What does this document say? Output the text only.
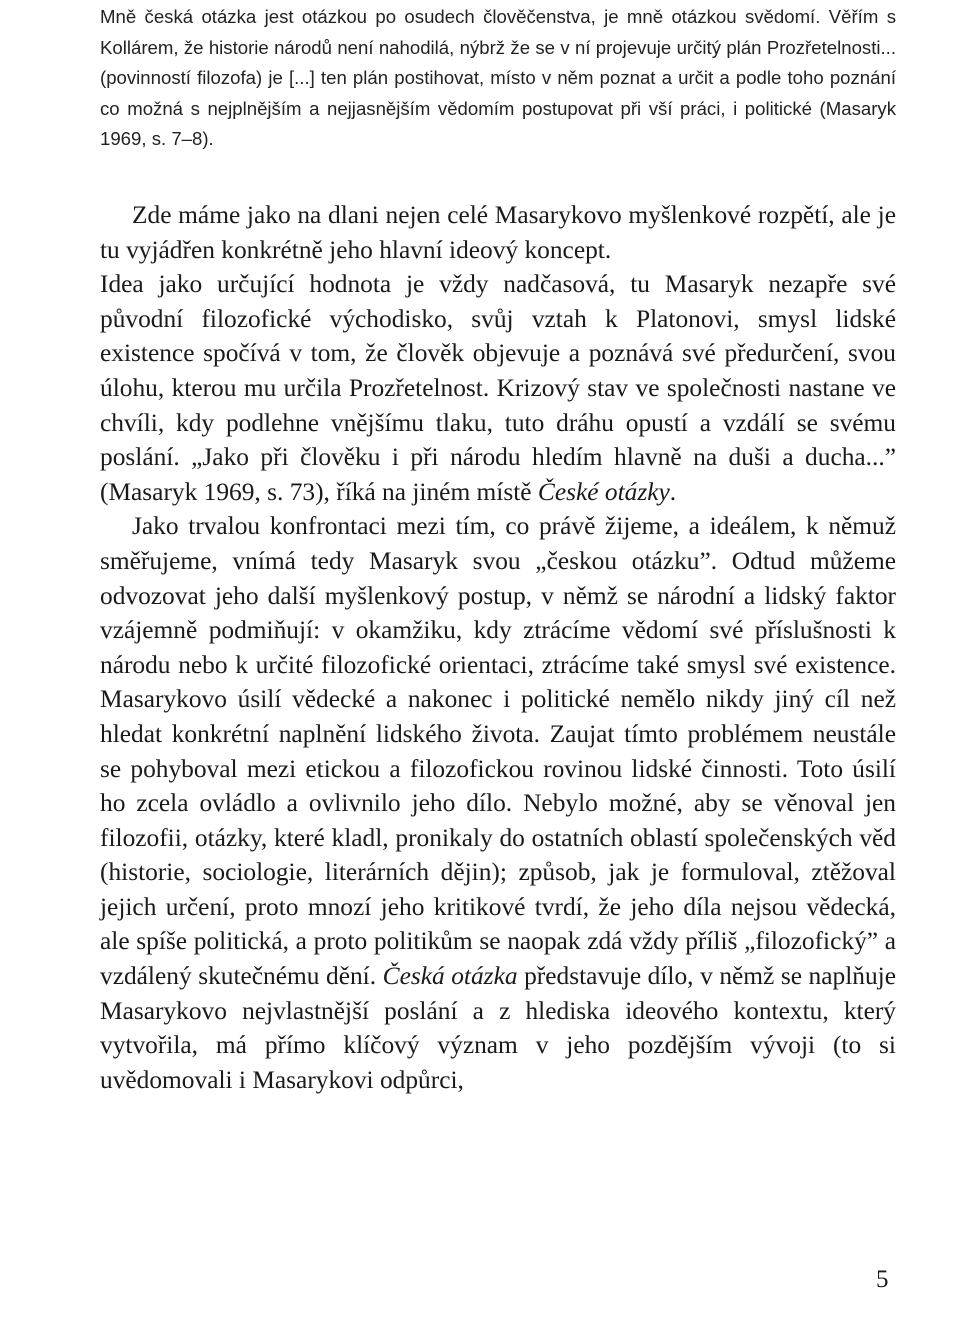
Mně česká otázka jest otázkou po osudech člověčenstva, je mně otázkou svědomí. Věřím s Kollárem, že historie národů není nahodilá, nýbrž že se v ní projevuje určitý plán Prozřetelnosti... (povinností filozofa) je [...] ten plán postihovat, místo v něm poznat a určit a podle toho poznání co možná s nejplnějším a nejjasnějším vědomím postupovat při vší práci, i politické (Masaryk 1969, s. 7–8).

Zde máme jako na dlani nejen celé Masarykovo myšlenkové rozpětí, ale je tu vyjádřen konkrétně jeho hlavní ideový koncept.

Idea jako určující hodnota je vždy nadčasová, tu Masaryk nezapře své původní filozofické východisko, svůj vztah k Platonovi, smysl lidské existence spočívá v tom, že člověk objevuje a poznává své předurčení, svou úlohu, kterou mu určila Prozřetelnost. Krizový stav ve společnosti nastane ve chvíli, kdy podlehne vnějšímu tlaku, tuto dráhu opustí a vzdálí se svému poslání. „Jako při člověku i při národu hledím hlavně na duši a ducha...” (Masaryk 1969, s. 73), říká na jiném místě České otázky.

Jako trvalou konfrontaci mezi tím, co právě žijeme, a ideálem, k němuž směřujeme, vnímá tedy Masaryk svou „českou otázku”. Odtud můžeme odvozovat jeho další myšlenkový postup, v němž se národní a lidský faktor vzájemně podmiňují: v okamžiku, kdy ztrácíme vědomí své příslušnosti k národu nebo k určité filozofické orientaci, ztrácíme také smysl své existence. Masarykovo úsilí vědecké a nakonec i politické nemělo nikdy jiný cíl než hledat konkrétní naplnění lidského života. Zaujat tímto problémem neustále se pohyboval mezi etickou a filozofickou rovinou lidské činnosti. Toto úsilí ho zcela ovládlo a ovlivnilo jeho dílo. Nebylo možné, aby se věnoval jen filozofii, otázky, které kladl, pronikaly do ostatních oblastí společenských věd (historie, sociologie, literárních dějin); způsob, jak je formuloval, ztěžoval jejich určení, proto mnozí jeho kritikové tvrdí, že jeho díla nejsou vědecká, ale spíše politická, a proto politikům se naopak zdá vždy příliš „filozofický” a vzdálený skutečnému dění. Česká otázka představuje dílo, v němž se naplňuje Masarykovo nejvlastnější poslání a z hlediska ideového kontextu, který vytvořila, má přímo klíčový význam v jeho pozdějším vývoji (to si uvědomovali i Masarykovi odpůrci,

5
